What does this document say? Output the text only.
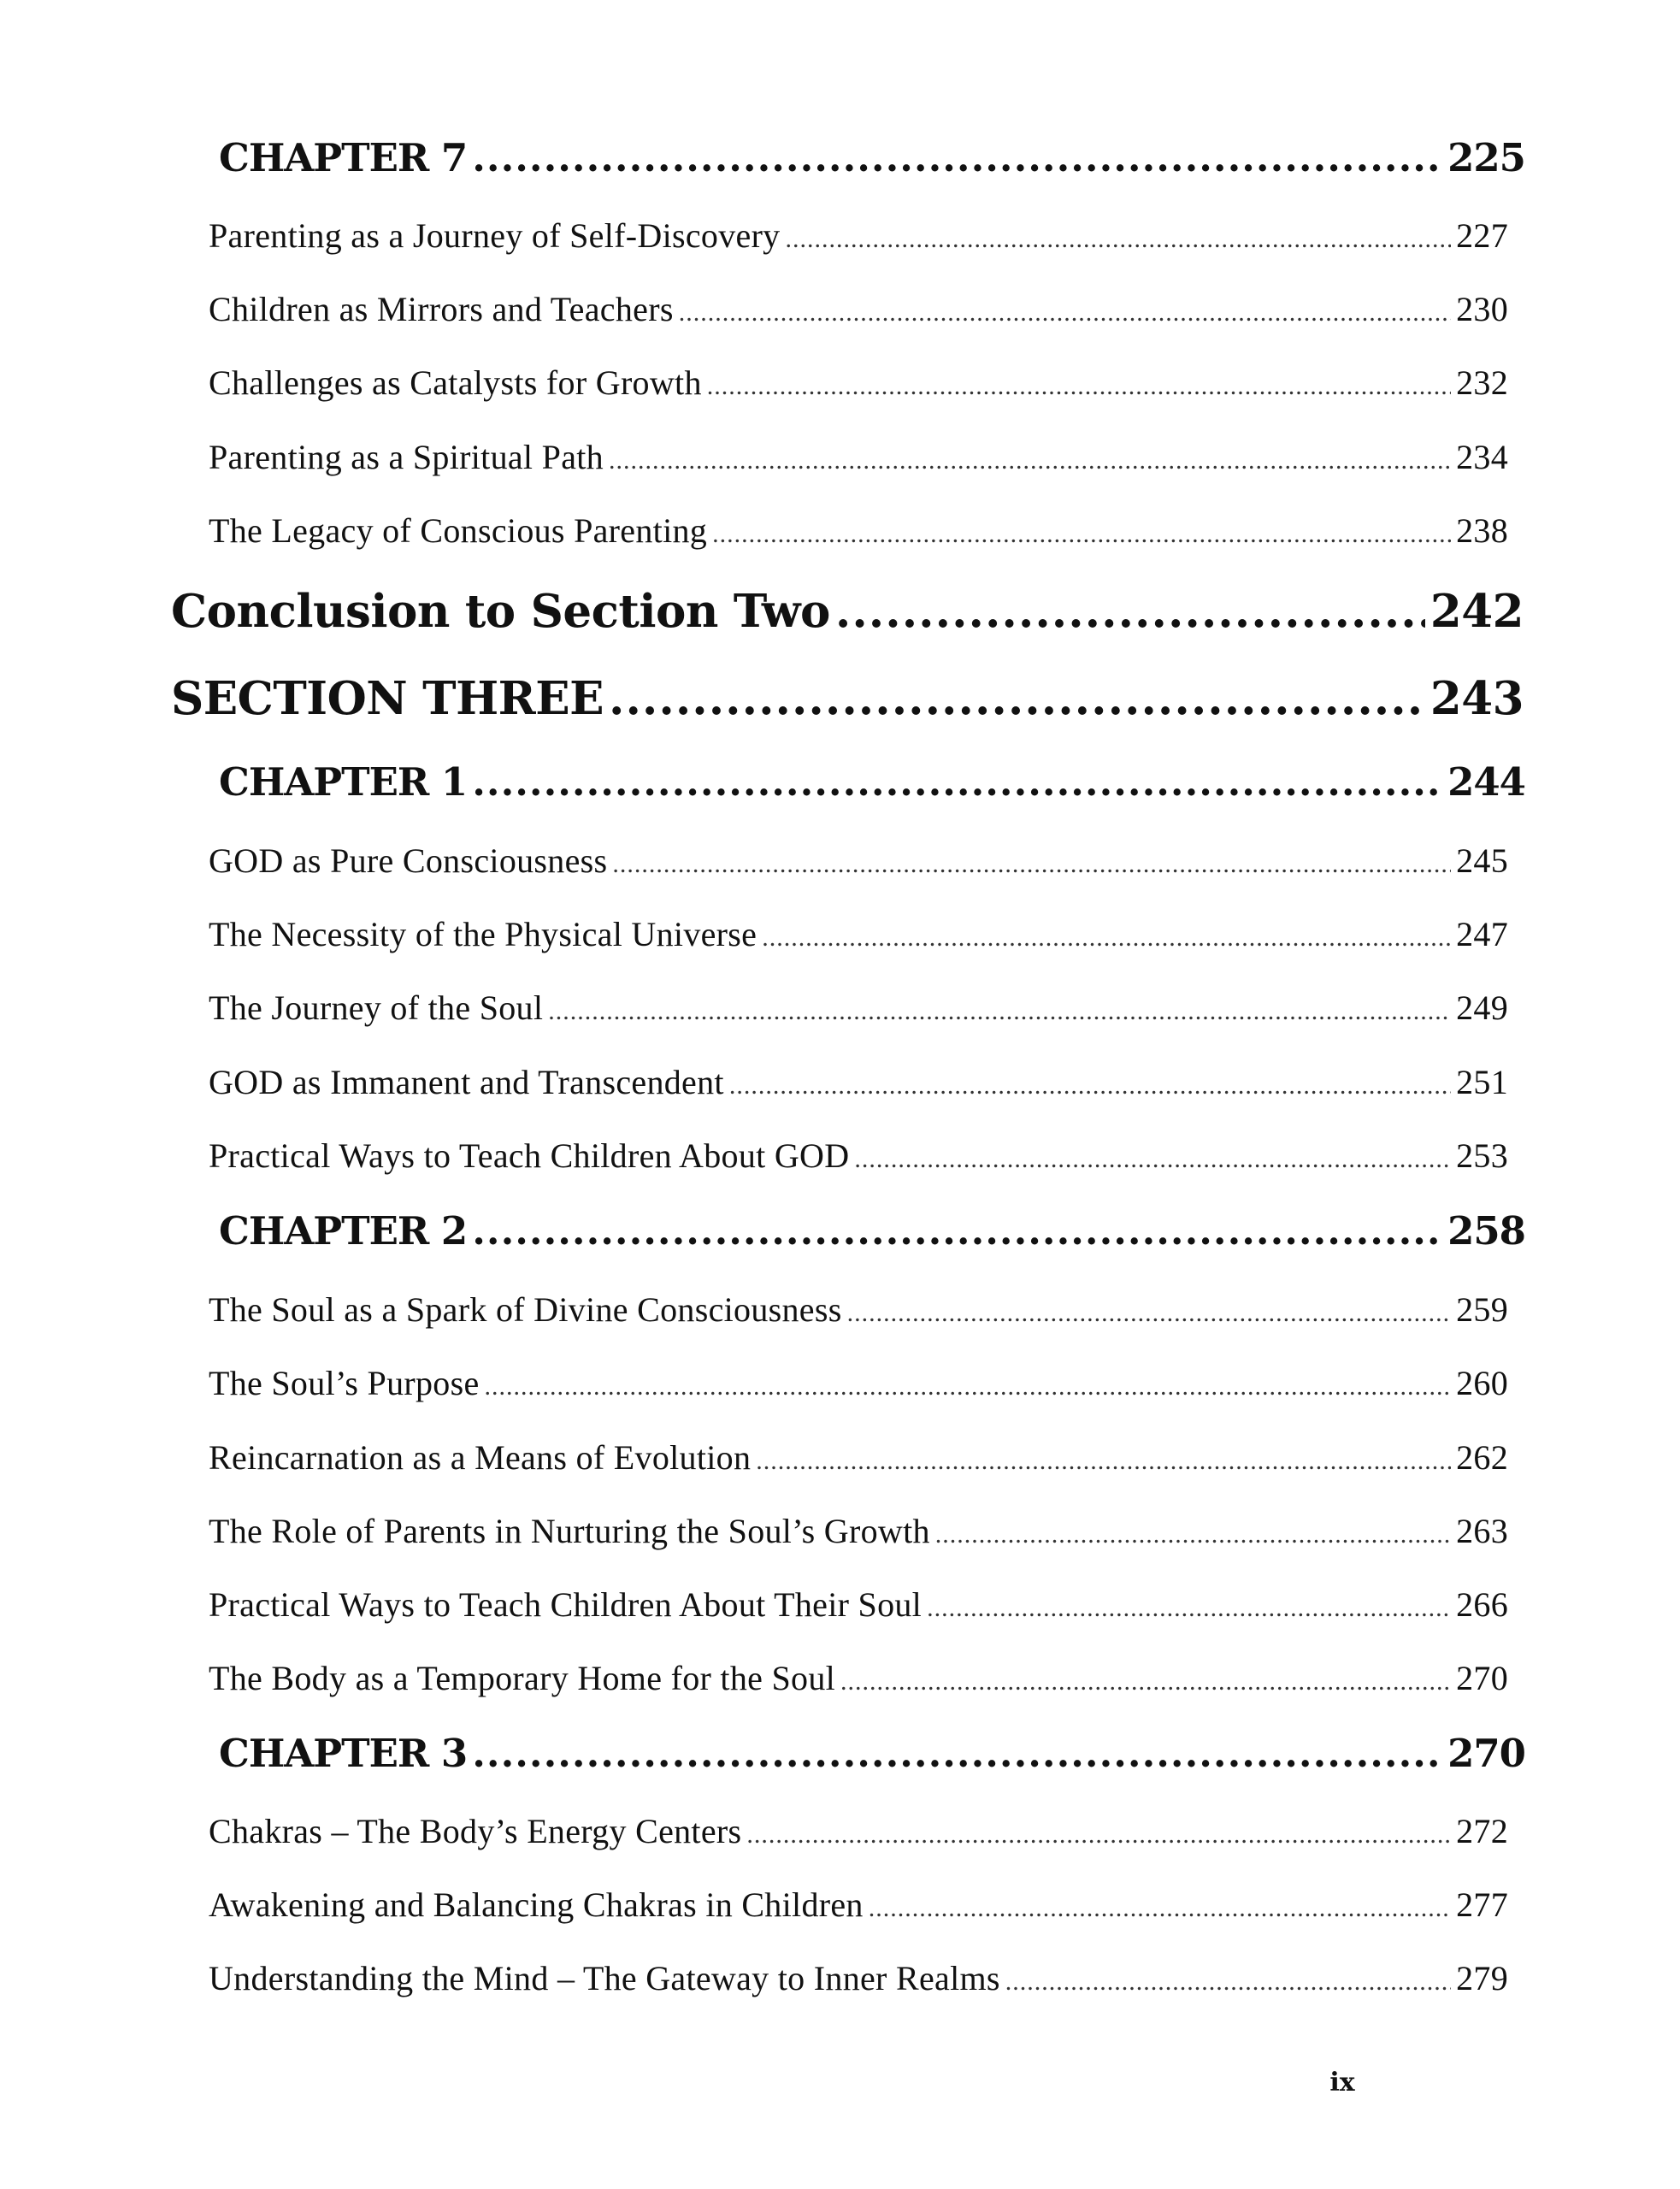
CHAPTER 7 .....	225
Parenting as a Journey of Self-Discovery .....	227
Children as Mirrors and Teachers .....	230
Challenges as Catalysts for Growth .....	232
Parenting as a Spiritual Path .....	234
The Legacy of Conscious Parenting .....	238
Conclusion to Section Two .....	242
SECTION THREE .....	243
CHAPTER 1 .....	244
GOD as Pure Consciousness .....	245
The Necessity of the Physical Universe .....	247
The Journey of the Soul .....	249
GOD as Immanent and Transcendent .....	251
Practical Ways to Teach Children About GOD .....	253
CHAPTER 2 .....	258
The Soul as a Spark of Divine Consciousness .....	259
The Soul’s Purpose .....	260
Reincarnation as a Means of Evolution .....	262
The Role of Parents in Nurturing the Soul’s Growth .....	263
Practical Ways to Teach Children About Their Soul .....	266
The Body as a Temporary Home for the Soul .....	270
CHAPTER 3 .....	270
Chakras – The Body’s Energy Centers .....	272
Awakening and Balancing Chakras in Children .....	277
Understanding the Mind – The Gateway to Inner Realms .....	279
ix
